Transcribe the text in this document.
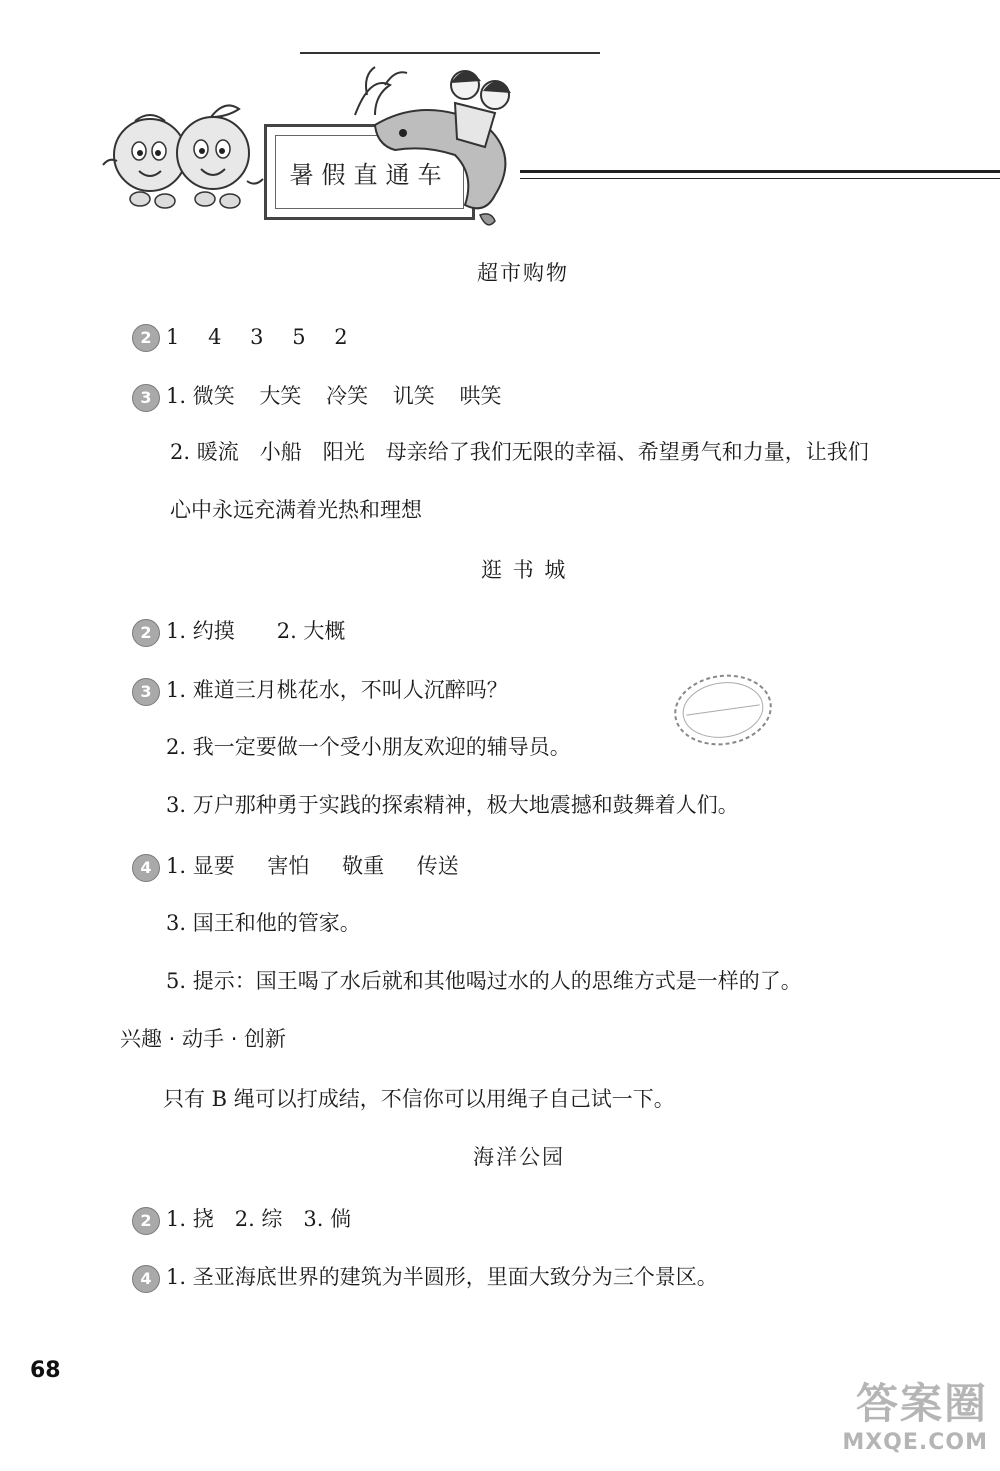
暑假直通车
超市购物
2 1 4 3 5 2
3 1. 微笑 大笑 冷笑 讥笑 哄笑
2. 暖流　小船　阳光　母亲给了我们无限的幸福、希望勇气和力量，让我们
心中永远充满着光热和理想
逛 书 城
2 1. 约摸　　2. 大概
3 1. 难道三月桃花水，不叫人沉醉吗？
2. 我一定要做一个受小朋友欢迎的辅导员。
3. 万户那种勇于实践的探索精神，极大地震撼和鼓舞着人们。
4 1. 显要 害怕 敬重 传送
3. 国王和他的管家。
5. 提示：国王喝了水后就和其他喝过水的人的思维方式是一样的了。
兴趣 · 动手 · 创新
只有 B 绳可以打成结，不信你可以用绳子自己试一下。
海洋公园
2 1. 挠　2. 综　3. 倘
4 1. 圣亚海底世界的建筑为半圆形，里面大致分为三个景区。
68
答案圈
MXQE.COM
